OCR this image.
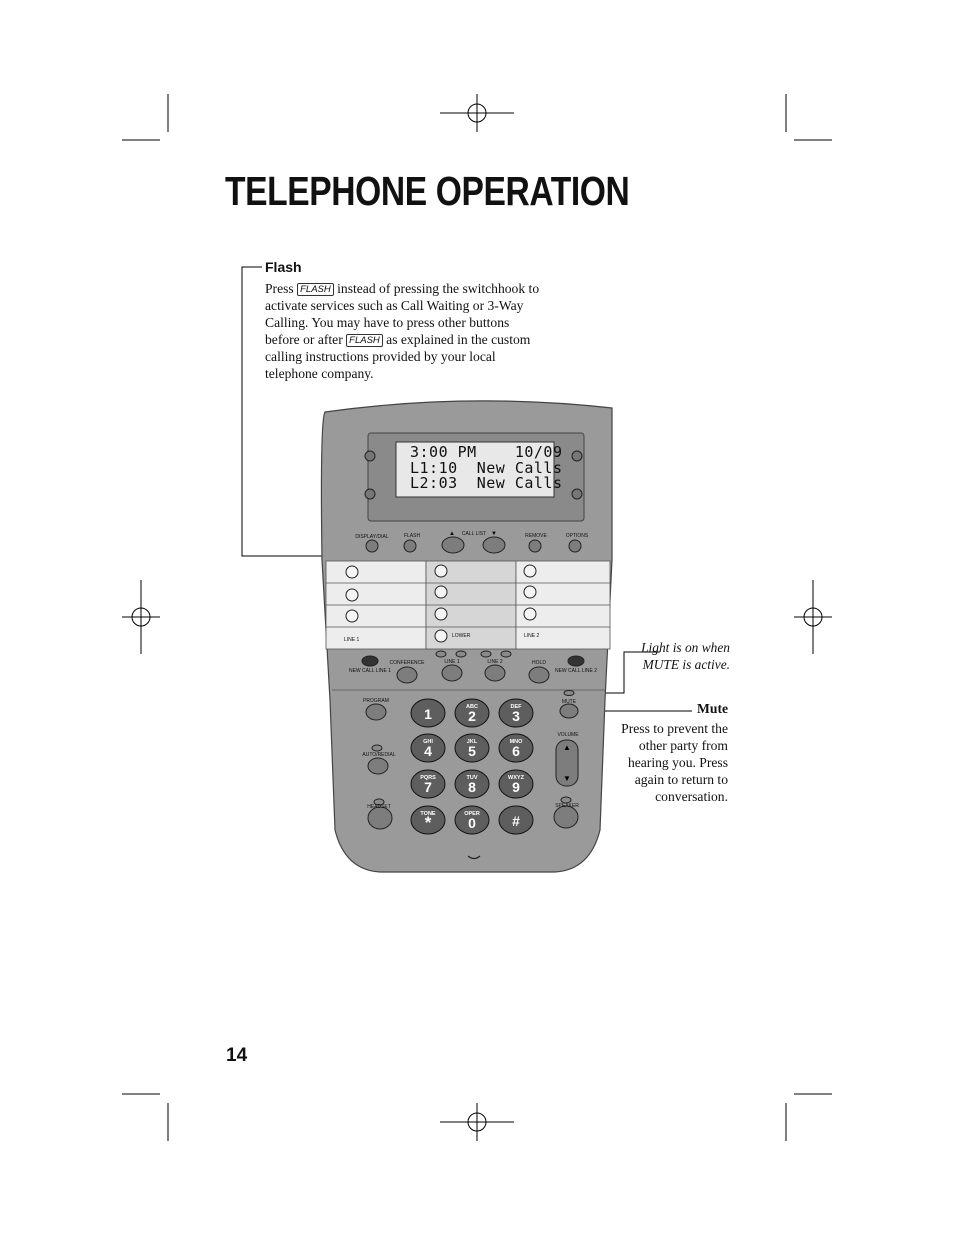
TELEPHONE OPERATION
Flash
Press FLASH instead of pressing the switchhook to activate services such as Call Waiting or 3-Way Calling. You may have to press other buttons before or after FLASH as explained in the custom calling instructions provided by your local telephone company.
DISPLAY/DIAL	FLASH	CALL LIST	REMOVE	OPTIONS
▲	▼
LINE 1
LOWER	LINE 2
NEW CALL LINE 1
CONFERENCE	LINE 1	LINE 2	HOLD
NEW CALL LINE 2
PROGRAM
AUTO/REDIAL
HEADSET
MUTE
VOLUME
SPEAKER
▲
▼
1	ABC
2
DEF
3
GHI
4
JKL
5
MNO
6
PQRS
7
TUV
8
WXYZ
9
TONE
*	OPER
0	#
3:00 PM    10/09
L1:10  New Calls
L2:03  New Calls
Light is on when MUTE is active.
Mute
Press to prevent the other party from hearing you. Press again to return to conversation.
14
